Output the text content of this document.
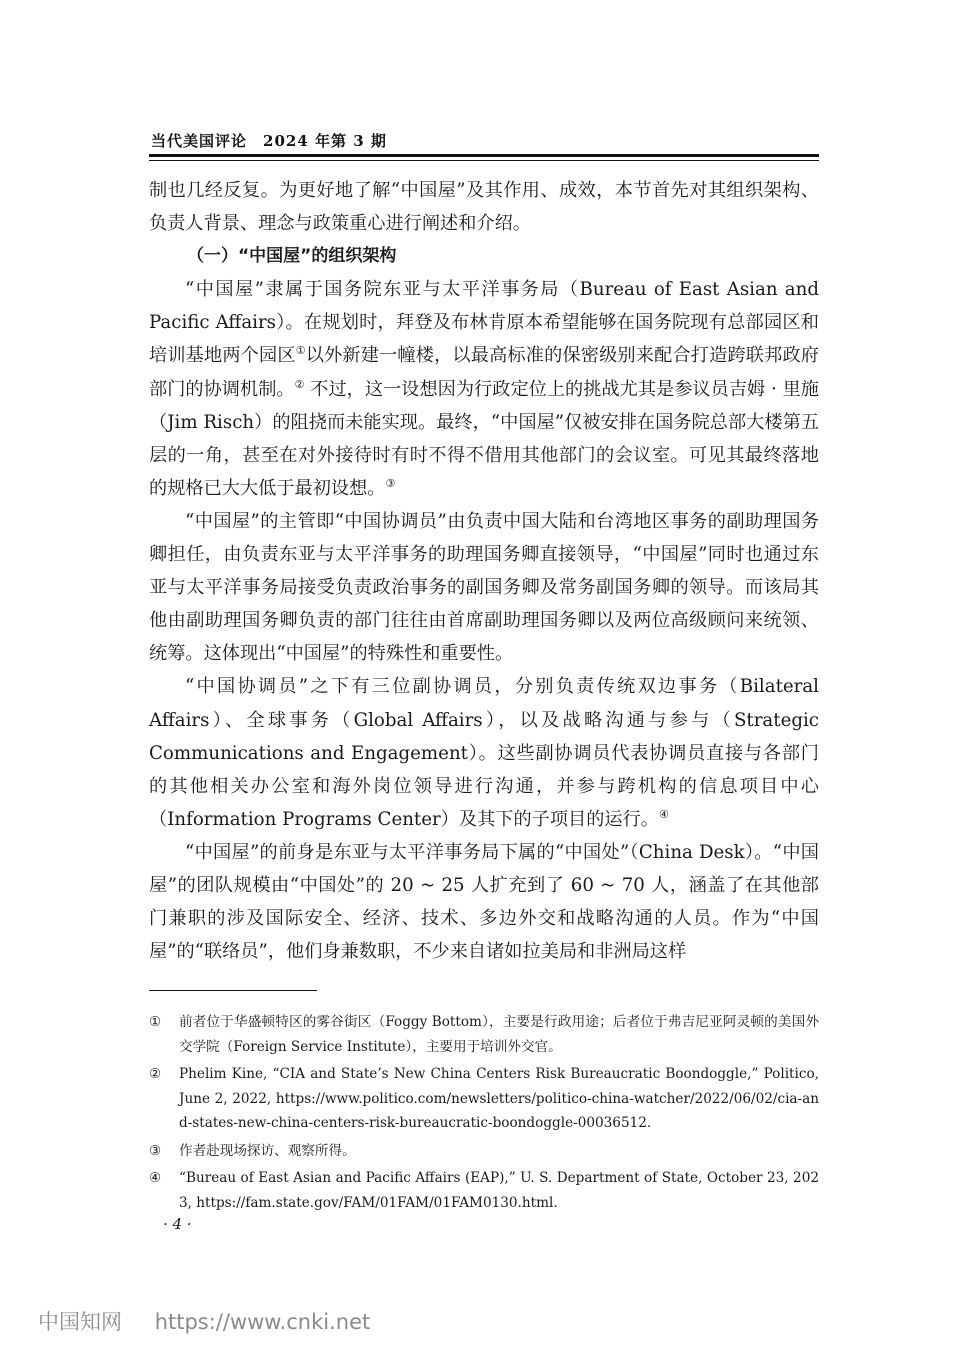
当代美国评论　2024 年第 3 期

制也几经反复。为更好地了解“中国屋”及其作用、成效，本节首先对其组织架构、负责人背景、理念与政策重心进行阐述和介绍。

（一）“中国屋”的组织架构

“中国屋”隶属于国务院东亚与太平洋事务局（Bureau of East Asian and Pacific Affairs）。在规划时，拜登及布林肯原本希望能够在国务院现有总部园区和培训基地两个园区①以外新建一幢楼，以最高标准的保密级别来配合打造跨联邦政府部门的协调机制。② 不过，这一设想因为行政定位上的挑战尤其是参议员吉姆 · 里施（Jim Risch）的阻挠而未能实现。最终，“中国屋”仅被安排在国务院总部大楼第五层的一角，甚至在对外接待时有时不得不借用其他部门的会议室。可见其最终落地的规格已大大低于最初设想。③

“中国屋”的主管即“中国协调员”由负责中国大陆和台湾地区事务的副助理国务卿担任，由负责东亚与太平洋事务的助理国务卿直接领导，“中国屋”同时也通过东亚与太平洋事务局接受负责政治事务的副国务卿及常务副国务卿的领导。而该局其他由副助理国务卿负责的部门往往由首席副助理国务卿以及两位高级顾问来统领、统筹。这体现出“中国屋”的特殊性和重要性。

“中国协调员”之下有三位副协调员，分别负责传统双边事务（Bilateral Affairs）、全球事务（Global Affairs），以及战略沟通与参与（Strategic Communications and Engagement）。这些副协调员代表协调员直接与各部门的其他相关办公室和海外岗位领导进行沟通，并参与跨机构的信息项目中心（Information Programs Center）及其下的子项目的运行。④

“中国屋”的前身是东亚与太平洋事务局下属的“中国处”（China Desk）。“中国屋”的团队规模由“中国处”的 20 ~ 25 人扩充到了 60 ~ 70 人，涵盖了在其他部门兼职的涉及国际安全、经济、技术、多边外交和战略沟通的人员。作为“中国屋”的“联络员”，他们身兼数职，不少来自诸如拉美局和非洲局这样

①	前者位于华盛顿特区的雾谷街区（Foggy Bottom），主要是行政用途；后者位于弗吉尼亚阿灵顿的美国外交学院（Foreign Service Institute），主要用于培训外交官。
②	Phelim Kine, “CIA and State’s New China Centers Risk Bureaucratic Boondoggle,” Politico, June 2, 2022, https://www.politico.com/newsletters/politico-china-watcher/2022/06/02/cia-and-states-new-china-centers-risk-bureaucratic-boondoggle-00036512.
③	作者赴现场探访、观察所得。
④	“Bureau of East Asian and Pacific Affairs (EAP),” U. S. Department of State, October 23, 2023, https://fam.state.gov/FAM/01FAM/01FAM0130.html.
· 4 ·
中国知网 https://www.cnki.net
